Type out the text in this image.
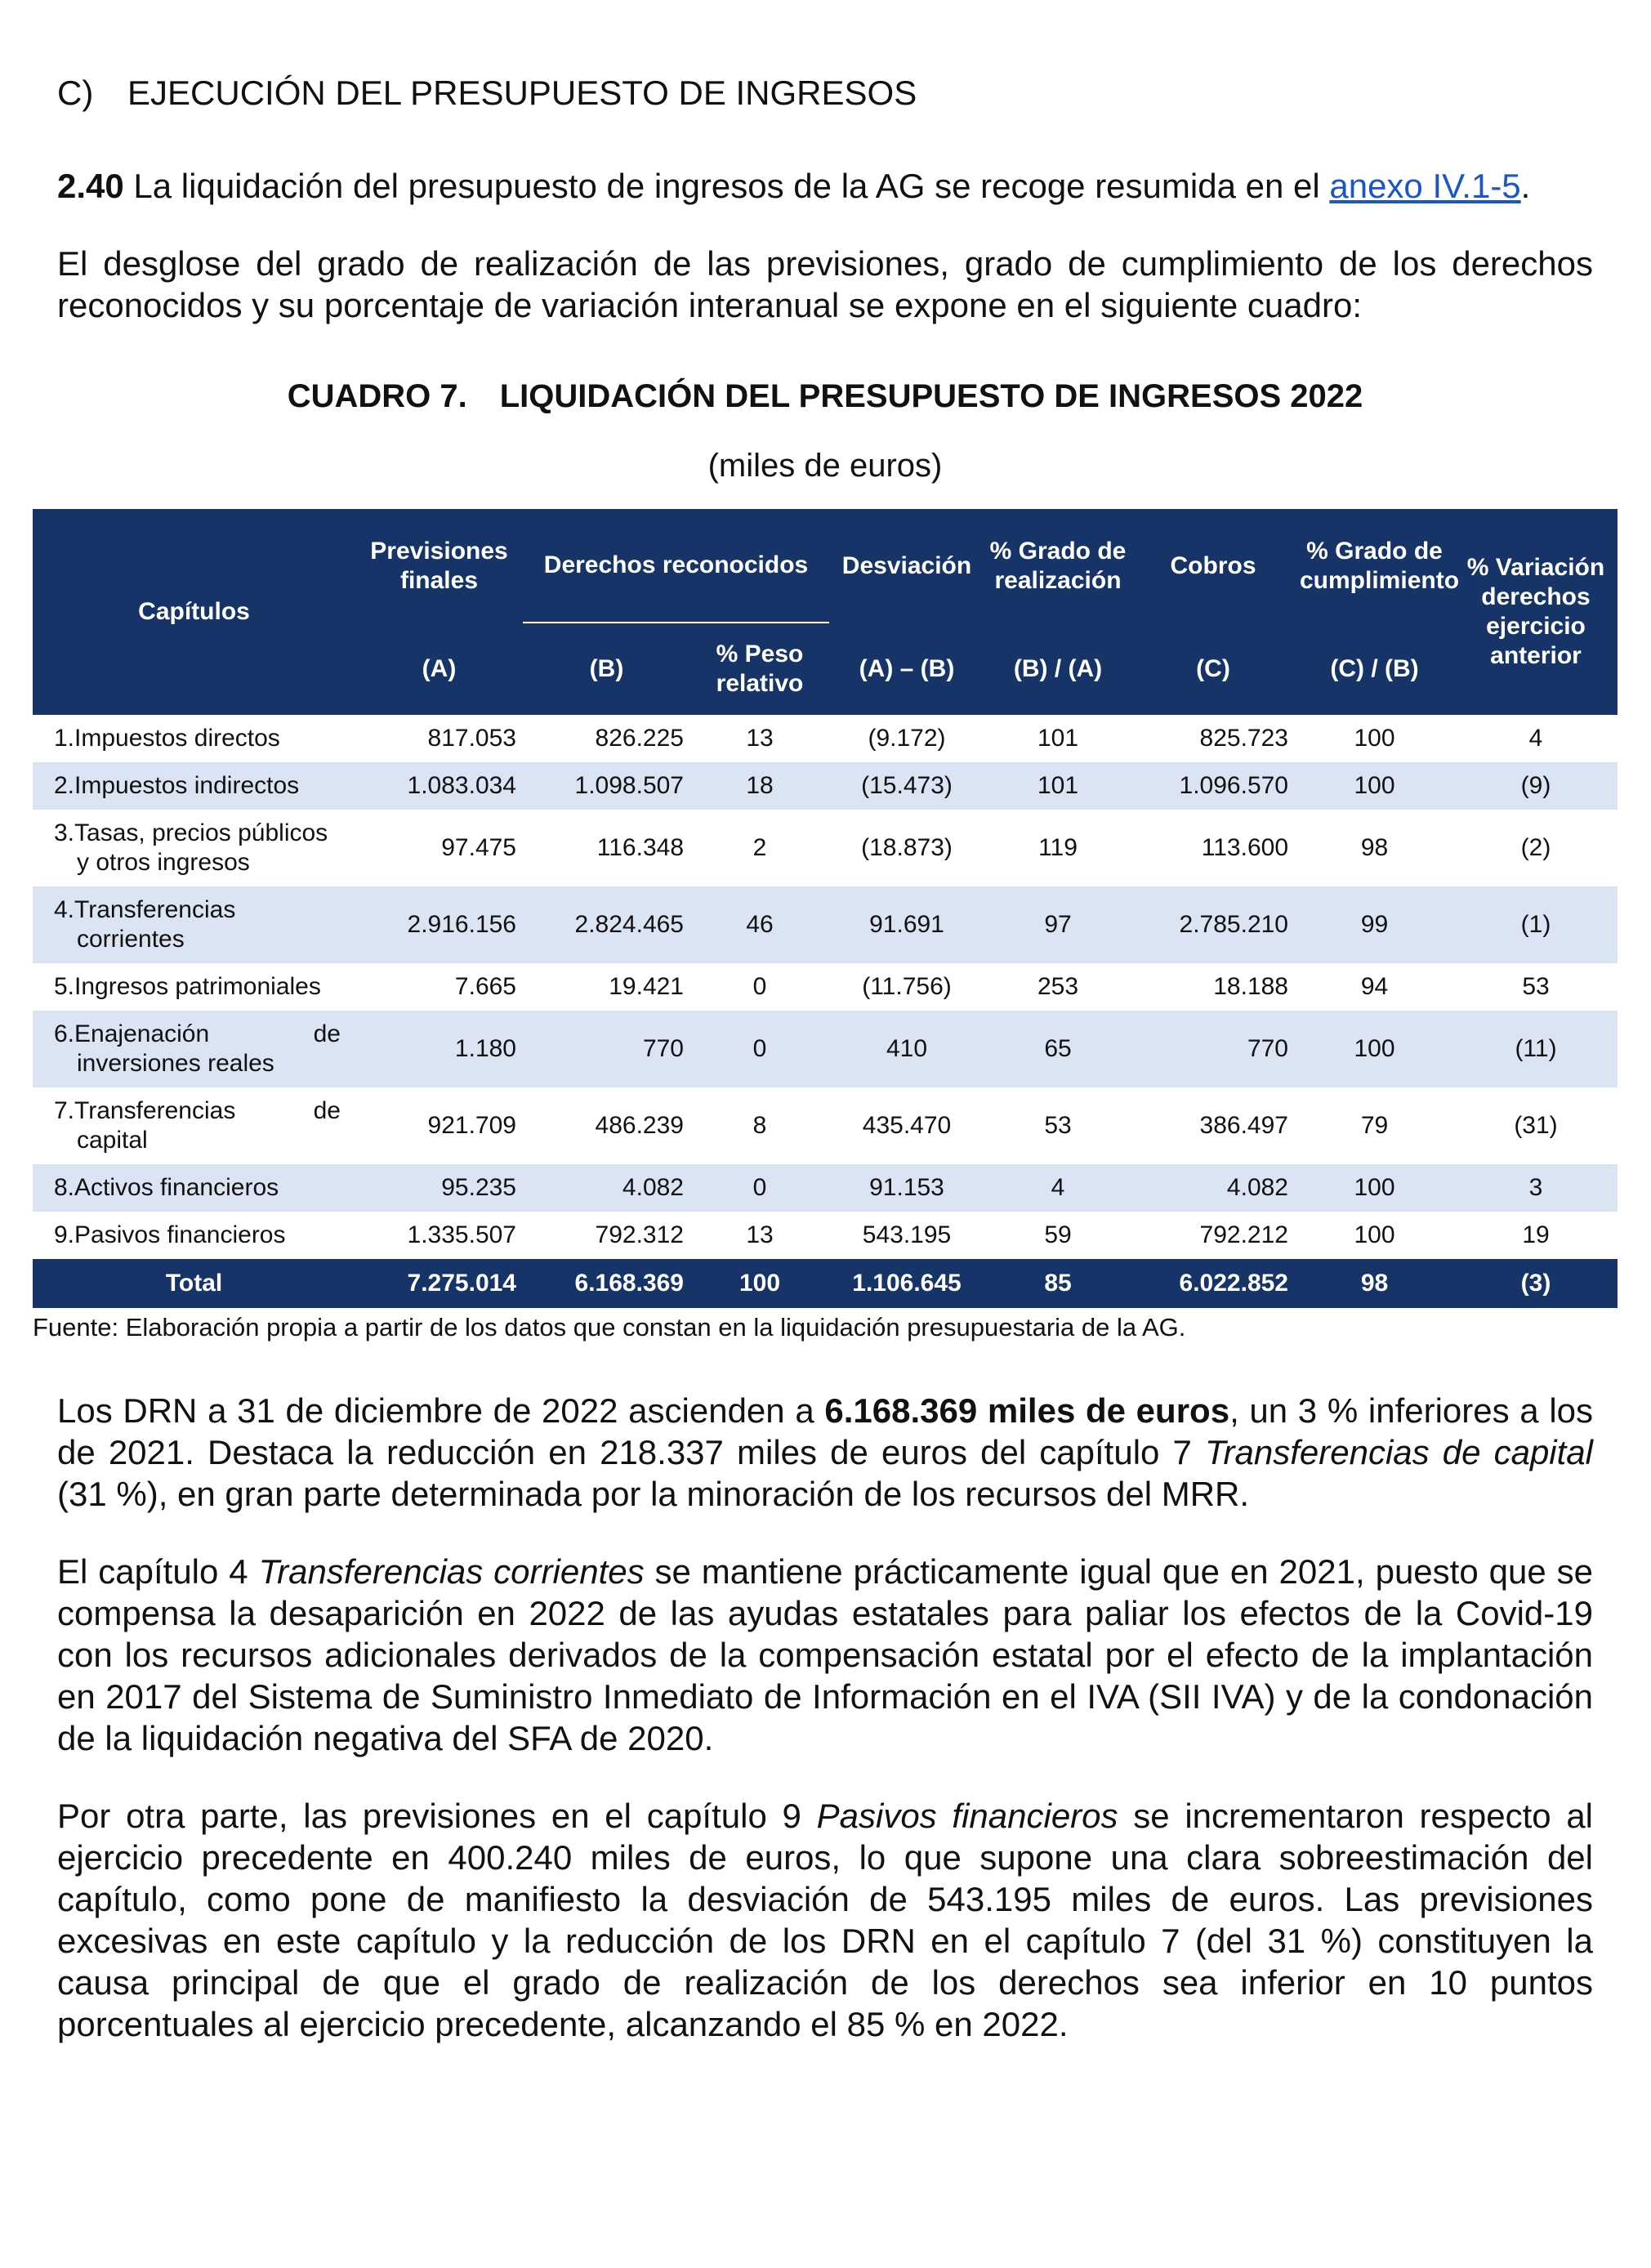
C) EJECUCIÓN DEL PRESUPUESTO DE INGRESOS

2.40 La liquidación del presupuesto de ingresos de la AG se recoge resumida en el anexo IV.1-5.

El desglose del grado de realización de las previsiones, grado de cumplimiento de los derechos reconocidos y su porcentaje de variación interanual se expone en el siguiente cuadro:

CUADRO 7. LIQUIDACIÓN DEL PRESUPUESTO DE INGRESOS 2022
(miles de euros)
Capítulos	Previsiones finales	Derechos reconocidos		Desviación	% Grado de realización	Cobros	% Grado de cumplimiento	% Variación derechos ejercicio anterior
	(A)	(B)	% Peso relativo	(A) – (B)	(B) / (A)	(C)	(C) / (B)	
1.Impuestos directos	817.053	826.225	13	(9.172)	101	825.723	100	4
2.Impuestos indirectos	1.083.034	1.098.507	18	(15.473)	101	1.096.570	100	(9)

3.Tasas, precios públicos
y otros ingresos	97.475	116.348	2	(18.873)	119	113.600	98	(2)

4.Transferencias
corrientes	2.916.156	2.824.465	46	91.691	97	2.785.210	99	(1)
5.Ingresos patrimoniales	7.665	19.421	0	(11.756)	253	18.188	94	53

6.Enajenación de
inversiones reales	1.180	770	0	410	65	770	100	(11)

7.Transferencias de
capital	921.709	486.239	8	435.470	53	386.497	79	(31)
8.Activos financieros	95.235	4.082	0	91.153	4	4.082	100	3
9.Pasivos financieros	1.335.507	792.312	13	543.195	59	792.212	100	19
Total	7.275.014	6.168.369	100	1.106.645	85	6.022.852	98	(3)
Fuente: Elaboración propia a partir de los datos que constan en la liquidación presupuestaria de la AG.

Los DRN a 31 de diciembre de 2022 ascienden a 6.168.369 miles de euros, un 3 % inferiores a los de 2021. Destaca la reducción en 218.337 miles de euros del capítulo 7 Transferencias de capital (31 %), en gran parte determinada por la minoración de los recursos del MRR.

El capítulo 4 Transferencias corrientes se mantiene prácticamente igual que en 2021, puesto que se compensa la desaparición en 2022 de las ayudas estatales para paliar los efectos de la Covid-19 con los recursos adicionales derivados de la compensación estatal por el efecto de la implantación en 2017 del Sistema de Suministro Inmediato de Información en el IVA (SII IVA) y de la condonación de la liquidación negativa del SFA de 2020.

Por otra parte, las previsiones en el capítulo 9 Pasivos financieros se incrementaron respecto al ejercicio precedente en 400.240 miles de euros, lo que supone una clara sobreestimación del capítulo, como pone de manifiesto la desviación de 543.195 miles de euros. Las previsiones excesivas en este capítulo y la reducción de los DRN en el capítulo 7 (del 31 %) constituyen la causa principal de que el grado de realización de los derechos sea inferior en 10 puntos porcentuales al ejercicio precedente, alcanzando el 85 % en 2022.
